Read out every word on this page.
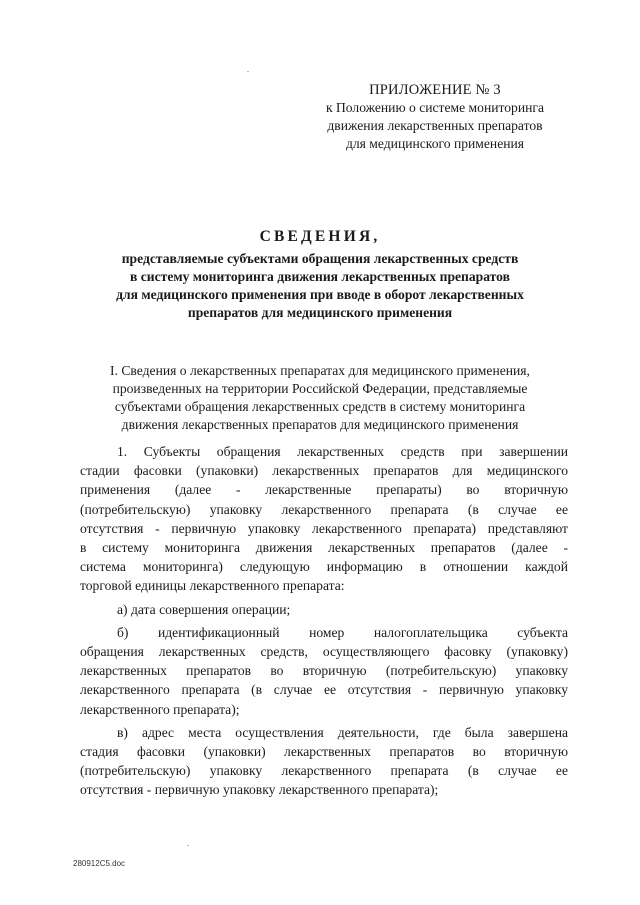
ПРИЛОЖЕНИЕ № 3
к Положению о системе мониторинга
движения лекарственных препаратов
для медицинского применения
СВЕДЕНИЯ,
представляемые субъектами обращения лекарственных средств
в систему мониторинга движения лекарственных препаратов
для медицинского применения при вводе в оборот лекарственных
препаратов для медицинского применения
I. Сведения о лекарственных препаратах для медицинского применения,
произведенных на территории Российской Федерации, представляемые
субъектами обращения лекарственных средств в систему мониторинга
движения лекарственных препаратов для медицинского применения
1. Субъекты обращения лекарственных средств при завершении
стадии фасовки (упаковки) лекарственных препаратов для медицинского
применения (далее - лекарственные препараты) во вторичную
(потребительскую) упаковку лекарственного препарата (в случае ее
отсутствия - первичную упаковку лекарственного препарата) представляют
в систему мониторинга движения лекарственных препаратов (далее -
система мониторинга) следующую информацию в отношении каждой
торговой единицы лекарственного препарата:
а) дата совершения операции;
б) идентификационный номер налогоплательщика субъекта
обращения лекарственных средств, осуществляющего фасовку (упаковку)
лекарственных препаратов во вторичную (потребительскую) упаковку
лекарственного препарата (в случае ее отсутствия - первичную упаковку
лекарственного препарата);
в) адрес места осуществления деятельности, где была завершена
стадия фасовки (упаковки) лекарственных препаратов во вторичную
(потребительскую) упаковку лекарственного препарата (в случае ее
отсутствия - первичную упаковку лекарственного препарата);
280912C5.doc
